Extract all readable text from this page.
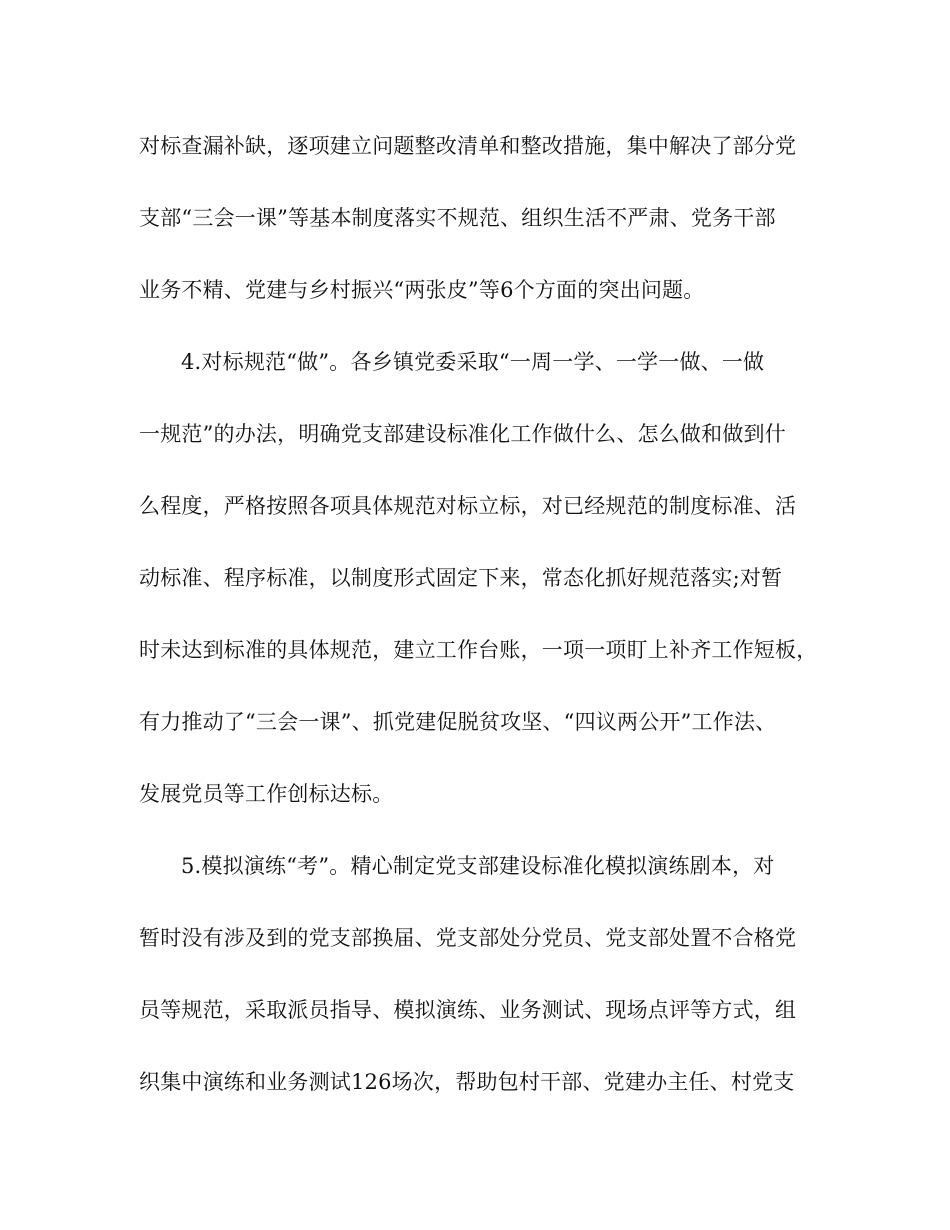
对标查漏补缺，逐项建立问题整改清单和整改措施，集中解决了部分党
支部“三会一课”等基本制度落实不规范、组织生活不严肃、党务干部
业务不精、党建与乡村振兴“两张皮”等6个方面的突出问题。
4.对标规范“做”。各乡镇党委采取“一周一学、一学一做、一做
一规范”的办法，明确党支部建设标准化工作做什么、怎么做和做到什
么程度，严格按照各项具体规范对标立标，对已经规范的制度标准、活
动标准、程序标准，以制度形式固定下来，常态化抓好规范落实;对暂
时未达到标准的具体规范，建立工作台账，一项一项盯上补齐工作短板，
有力推动了“三会一课”、抓党建促脱贫攻坚、“四议两公开”工作法、
发展党员等工作创标达标。
5.模拟演练“考”。精心制定党支部建设标准化模拟演练剧本，对
暂时没有涉及到的党支部换届、党支部处分党员、党支部处置不合格党
员等规范，采取派员指导、模拟演练、业务测试、现场点评等方式，组
织集中演练和业务测试126场次，帮助包村干部、党建办主任、村党支
